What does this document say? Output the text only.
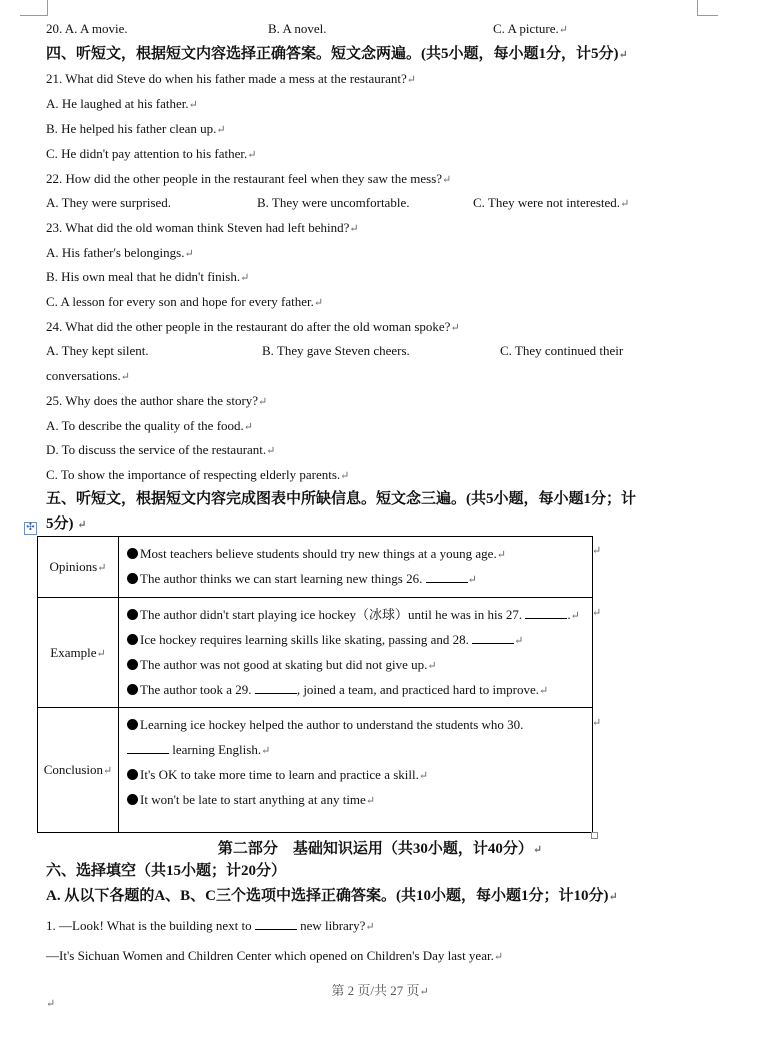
20. A. A movie.	B. A novel.	C. A picture.↵
四、听短文，根据短文内容选择正确答案。短文念两遍。(共5小题，每小题1分，计5分)↵
21. What did Steve do when his father made a mess at the restaurant?↵
A. He laughed at his father.↵
B. He helped his father clean up.↵
C. He didn't pay attention to his father.↵
22. How did the other people in the restaurant feel when they saw the mess?↵
A. They were surprised.	B. They were uncomfortable.	C. They were not interested.↵
23. What did the old woman think Steven had left behind?↵
A. His father's belongings.↵
B. His own meal that he didn't finish.↵
C. A lesson for every son and hope for every father.↵
24. What did the other people in the restaurant do after the old woman spoke?↵
A. They kept silent.	B. They gave Steven cheers.	C. They continued their
conversations.↵
25. Why does the author share the story?↵
A. To describe the quality of the food.↵
D. To discuss the service of the restaurant.↵
C. To show the importance of respecting elderly parents.↵
五、听短文，根据短文内容完成图表中所缺信息。短文念三遍。(共5小题，每小题1分；计
5分) ↵
✣
Opinions↵	Most teachers believe students should try new things at a young age.↵
The author thinks we can start learning new things 26. ↵

Example↵	The author didn't start playing ice hockey（冰球）until he was in his 27. .↵
Ice hockey requires learning skills like skating, passing and 28. ↵
The author was not good at skating but did not give up.↵
The author took a 29. , joined a team, and practiced hard to improve.↵

Conclusion↵	Learning ice hockey helped the author to understand the students who 30.
learning English.↵
It's OK to take more time to learn and practice a skill.↵
It won't be late to start anything at any time↵
↵
↵
↵
第二部分　基础知识运用（共30小题，计40分）↵
六、选择填空（共15小题；计20分）
A. 从以下各题的A、B、C三个选项中选择正确答案。(共10小题，每小题1分；计10分)↵
1. —Look! What is the building next to	new library?↵
—It's Sichuan Women and Children Center which opened on Children's Day last year.↵
第 2 页/共 27 页↵
↵
